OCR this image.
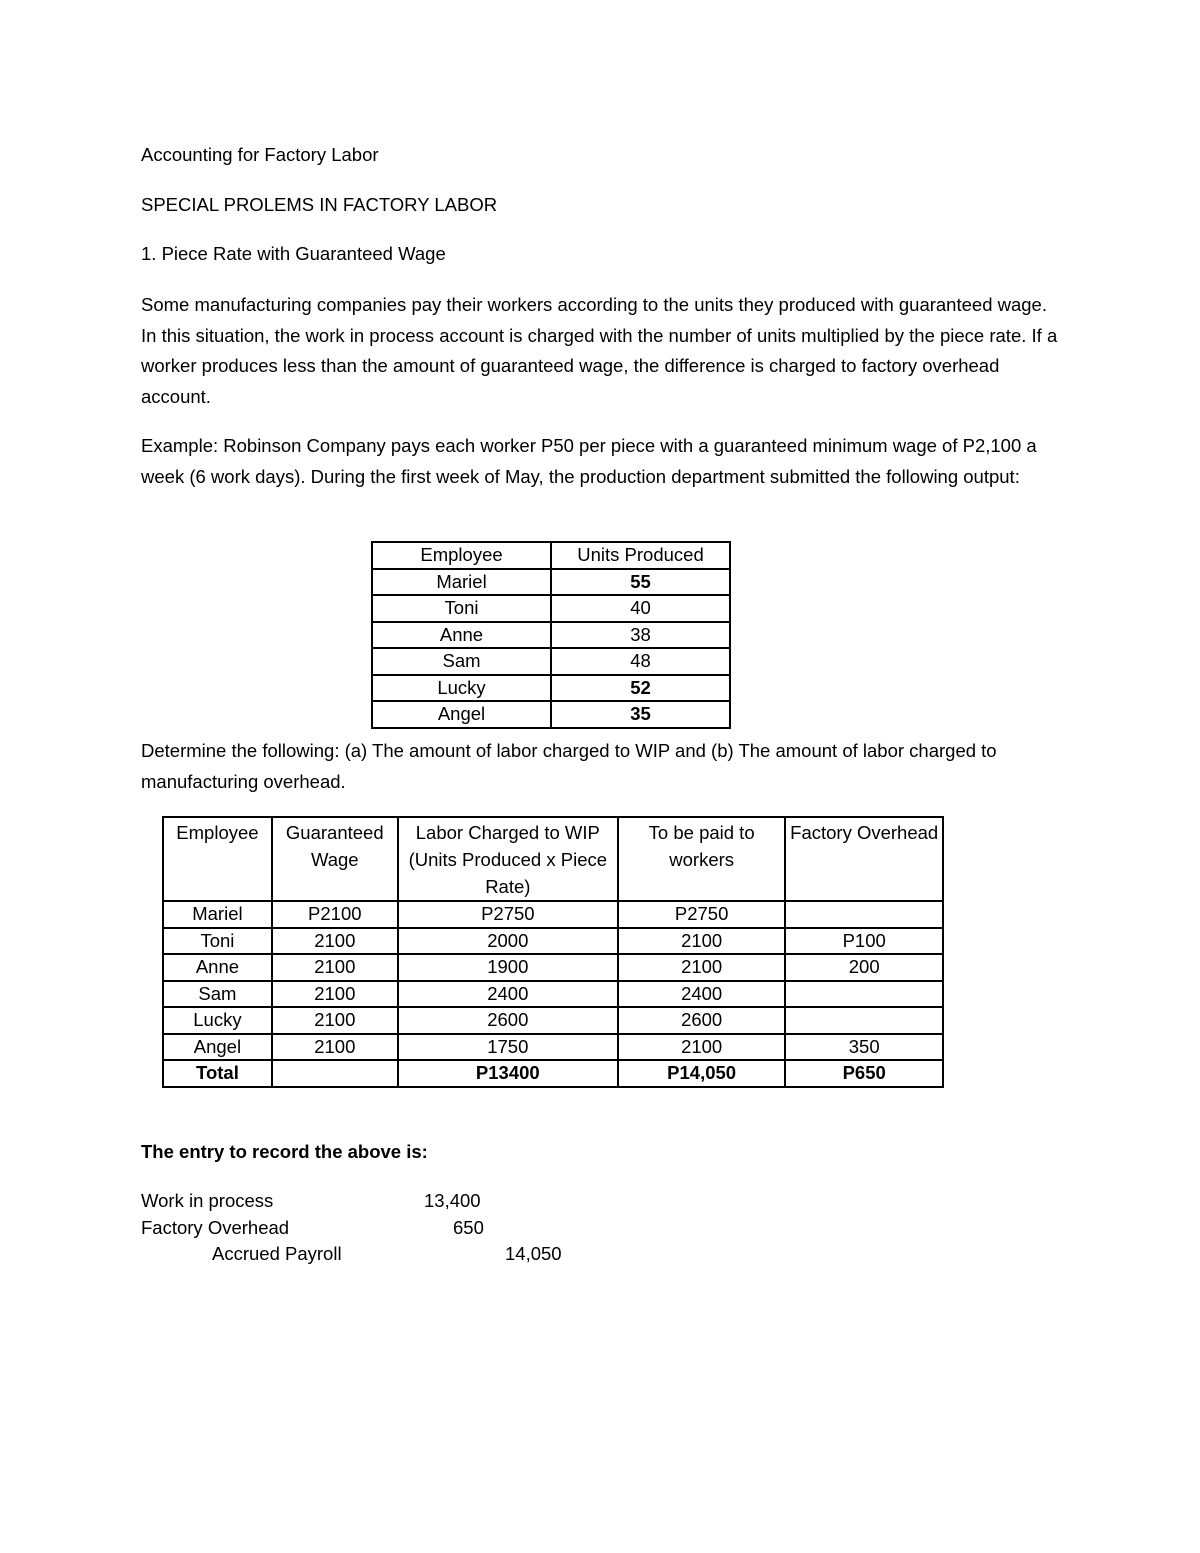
Accounting for Factory Labor
SPECIAL PROLEMS IN FACTORY LABOR
1. Piece Rate with Guaranteed Wage

Some manufacturing companies pay their workers according to the units they produced with guaranteed wage. In this situation, the work in process account is charged with the number of units multiplied by the piece rate. If a worker produces less than the amount of guaranteed wage, the difference is charged to factory overhead account.

Example: Robinson Company pays each worker P50 per piece with a guaranteed minimum wage of P2,100 a week (6 work days). During the first week of May, the production department submitted the following output:

Employee	Units Produced
Mariel	55
Toni	40
Anne	38
Sam	48
Lucky	52
Angel	35

Determine the following: (a) The amount of labor charged to WIP and (b) The amount of labor charged to manufacturing overhead.

Employee	Guaranteed Wage	Labor Charged to WIP (Units Produced x Piece Rate)	To be paid to workers	Factory Overhead
Mariel	P2100	P2750	P2750	
Toni	2100	2000	2100	P100
Anne	2100	1900	2100	200
Sam	2100	2400	2400	
Lucky	2100	2600	2600	
Angel	2100	1750	2100	350
Total		P13400	P14,050	P650
The entry to record the above is:
Work in process	13,400
Factory Overhead	650
Accrued Payroll	14,050
